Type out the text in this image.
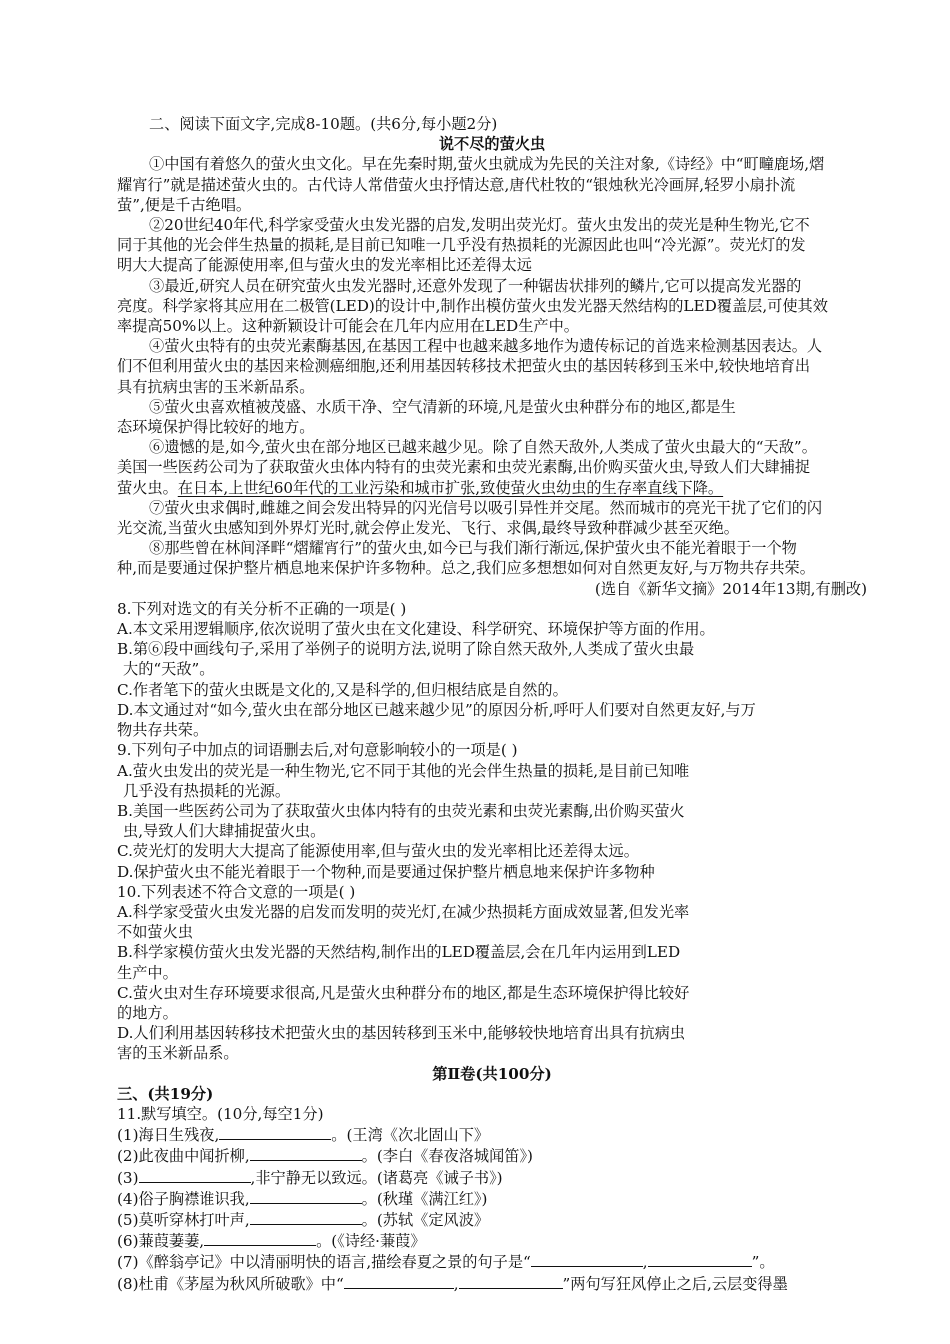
二、阅读下面文字,完成8-10题。(共6分,每小题2分)
说不尽的萤火虫
①中国有着悠久的萤火虫文化。早在先秦时期,萤火虫就成为先民的关注对象,《诗经》中“町疃鹿场,熠
耀宵行”就是描述萤火虫的。古代诗人常借萤火虫抒情达意,唐代杜牧的“银烛秋光冷画屏,轻罗小扇扑流
萤”,便是千古绝唱。
②20世纪40年代,科学家受萤火虫发光器的启发,发明出荧光灯。萤火虫发出的荧光是种生物光,它不
同于其他的光会伴生热量的损耗,是目前已知唯一几乎没有热损耗的光源因此也叫“冷光源”。荧光灯的发
明大大提高了能源使用率,但与萤火虫的发光率相比还差得太远
③最近,研究人员在研究萤火虫发光器时,还意外发现了一种锯齿状排列的鳞片,它可以提高发光器的
亮度。科学家将其应用在二极管(LED)的设计中,制作出模仿萤火虫发光器天然结构的LED覆盖层,可使其效
率提高50%以上。这种新颖设计可能会在几年内应用在LED生产中。
④萤火虫特有的虫荧光素酶基因,在基因工程中也越来越多地作为遗传标记的首选来检测基因表达。人
们不但利用萤火虫的基因来检测癌细胞,还利用基因转移技术把萤火虫的基因转移到玉米中,较快地培育出
具有抗病虫害的玉米新品系。
⑤萤火虫喜欢植被茂盛、水质干净、空气清新的环境,凡是萤火虫种群分布的地区,都是生
态环境保护得比较好的地方。
⑥遗憾的是,如今,萤火虫在部分地区已越来越少见。除了自然天敌外,人类成了萤火虫最大的“天敌”。
美国一些医药公司为了获取萤火虫体内特有的虫荧光素和虫荧光素酶,出价购买萤火虫,导致人们大肆捕捉
萤火虫。在日本,上世纪60年代的工业污染和城市扩张,致使萤火虫幼虫的生存率直线下降。
⑦萤火虫求偶时,雌雄之间会发出特异的闪光信号以吸引异性并交尾。然而城市的亮光干扰了它们的闪
光交流,当萤火虫感知到外界灯光时,就会停止发光、飞行、求偶,最终导致种群减少甚至灭绝。
⑧那些曾在林间泽畔“熠耀宵行”的萤火虫,如今已与我们渐行渐远,保护萤火虫不能光着眼于一个物
种,而是要通过保护整片栖息地来保护许多物种。总之,我们应多想想如何对自然更友好,与万物共存共荣。
(选自《新华文摘》2014年13期,有删改)
8.下列对选文的有关分析不正确的一项是( )
A.本文采用逻辑顺序,依次说明了萤火虫在文化建设、科学研究、环境保护等方面的作用。
B.第⑥段中画线句子,采用了举例子的说明方法,说明了除自然天敌外,人类成了萤火虫最
大的“天敌”。
C.作者笔下的萤火虫既是文化的,又是科学的,但归根结底是自然的。
D.本文通过对“如今,萤火虫在部分地区已越来越少见”的原因分析,呼吁人们要对自然更友好,与万
物共存共荣。
9.下列句子中加点的词语删去后,对句意影响较小的一项是( )
A.萤火虫发出的荧光是一种生物光,它不同于其他的光会伴生热量的损耗,是目前已知唯
几乎没有热损耗的光源。
B.美国一些医药公司为了获取萤火虫体内特有的虫荧光素和虫荧光素酶,出价购买萤火
虫,导致人们大肆捕捉萤火虫。
C.荧光灯的发明大大提高了能源使用率,但与萤火虫的发光率相比还差得太远。
D.保护萤火虫不能光着眼于一个物种,而是要通过保护整片栖息地来保护许多物种
10.下列表述不符合文意的一项是( )
A.科学家受萤火虫发光器的启发而发明的荧光灯,在减少热损耗方面成效显著,但发光率
不如萤火虫
B.科学家模仿萤火虫发光器的天然结构,制作出的LED覆盖层,会在几年内运用到LED
生产中。
C.萤火虫对生存环境要求很高,凡是萤火虫种群分布的地区,都是生态环境保护得比较好
的地方。
D.人们利用基因转移技术把萤火虫的基因转移到玉米中,能够较快地培育出具有抗病虫
害的玉米新品系。
第Ⅱ卷(共100分)
三、(共19分)
11.默写填空。(10分,每空1分)
(1)海日生残夜,	。(王湾《次北固山下》
(2)此夜曲中闻折柳,	。(李白《春夜洛城闻笛》)
(3)	,非宁静无以致远。(诸葛亮《诫子书》)
(4)俗子胸襟谁识我,	。(秋瑾《满江红》)
(5)莫听穿林打叶声,	。(苏轼《定风波》
(6)蒹葭萋萋,	。(《诗经·蒹葭》
(7)《醉翁亭记》中以清丽明快的语言,描绘春夏之景的句子是“	,	”。
(8)杜甫《茅屋为秋风所破歌》中“	,	”两句写狂风停止之后,云层变得墨
